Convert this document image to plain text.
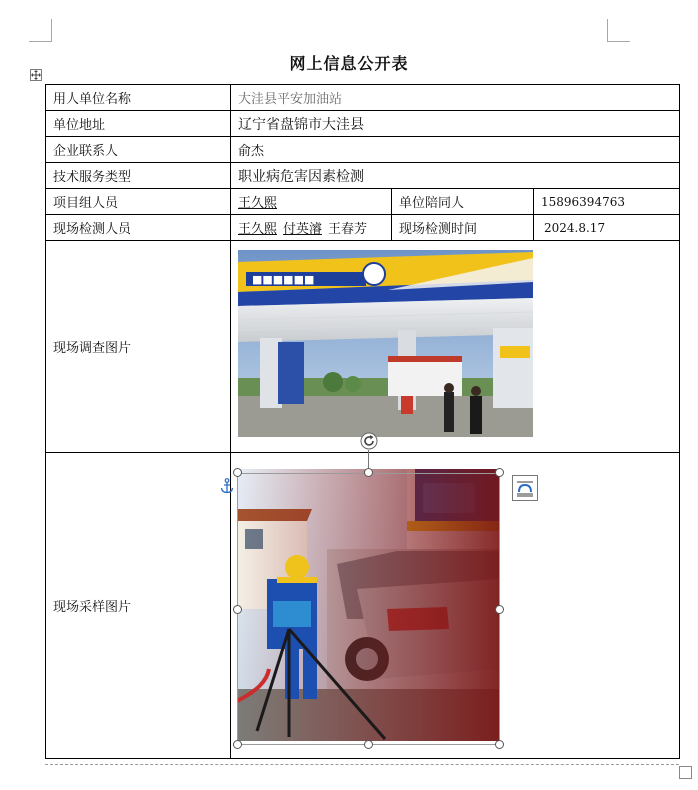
网上信息公开表
用人单位名称	大洼县平安加油站		
单位地址	辽宁省盘锦市大洼县		
企业联系人	俞杰		
技术服务类型	职业病危害因素检测		
项目组人员	王久熙	单位陪同人	15896394763
现场检测人员	王久熙 付英濬 王春芳	现场检测时间	2024.8.17
现场调查图片	■■■■■■		

现场采样图片	
